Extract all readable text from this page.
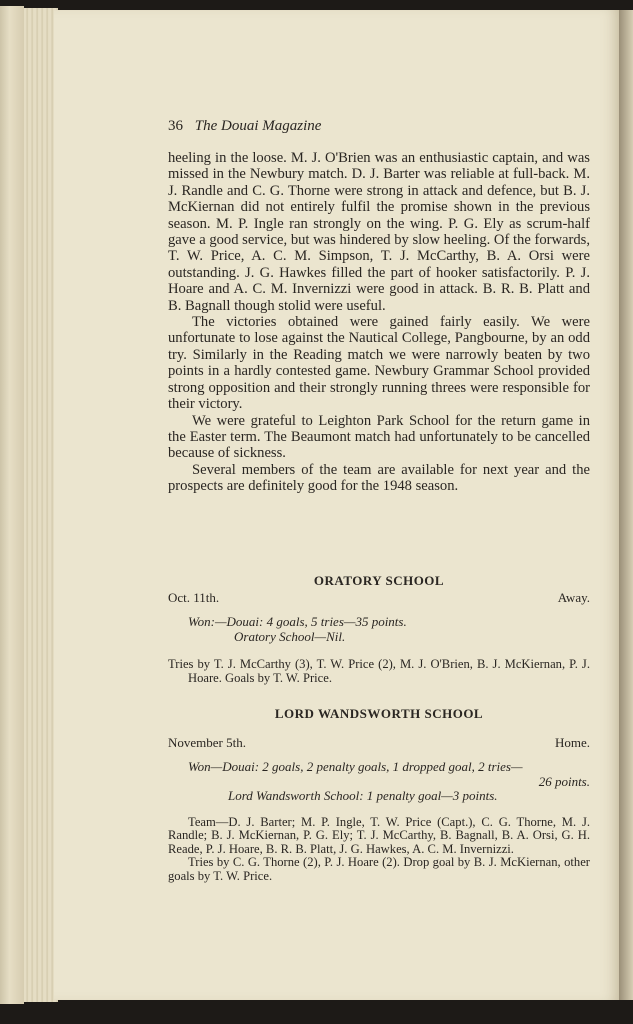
36 The Douai Magazine

heeling in the loose. M. J. O'Brien was an enthusiastic captain, and was missed in the Newbury match. D. J. Barter was reliable at full-back. M. J. Randle and C. G. Thorne were strong in attack and defence, but B. J. McKiernan did not entirely fulfil the promise shown in the previous season. M. P. Ingle ran strongly on the wing. P. G. Ely as scrum-half gave a good service, but was hindered by slow heeling. Of the forwards, T. W. Price, A. C. M. Simpson, T. J. McCarthy, B. A. Orsi were outstanding. J. G. Hawkes filled the part of hooker satisfactorily. P. J. Hoare and A. C. M. Invernizzi were good in attack. B. R. B. Platt and B. Bagnall though stolid were useful.

The victories obtained were gained fairly easily. We were unfortunate to lose against the Nautical College, Pangbourne, by an odd try. Similarly in the Reading match we were narrowly beaten by two points in a hardly contested game. Newbury Grammar School provided strong opposition and their strongly running threes were responsible for their victory.

We were grateful to Leighton Park School for the return game in the Easter term. The Beaumont match had unfortunately to be cancelled because of sickness.

Several members of the team are available for next year and the prospects are definitely good for the 1948 season.

ORATORY SCHOOL
Oct. 11th.	Away.
Won:—Douai: 4 goals, 5 tries—35 points.
Oratory School—Nil.
Tries by T. J. McCarthy (3), T. W. Price (2), M. J. O'Brien, B. J. McKiernan, P. J. Hoare. Goals by T. W. Price.
LORD WANDSWORTH SCHOOL
November 5th.	Home.
Won—Douai: 2 goals, 2 penalty goals, 1 dropped goal, 2 tries—
26 points.
Lord Wandsworth School: 1 penalty goal—3 points.
Team—D. J. Barter; M. P. Ingle, T. W. Price (Capt.), C. G. Thorne, M. J. Randle; B. J. McKiernan, P. G. Ely; T. J. McCarthy, B. Bagnall, B. A. Orsi, G. H. Reade, P. J. Hoare, B. R. B. Platt, J. G. Hawkes, A. C. M. Invernizzi.
Tries by C. G. Thorne (2), P. J. Hoare (2). Drop goal by B. J. McKiernan, other goals by T. W. Price.
